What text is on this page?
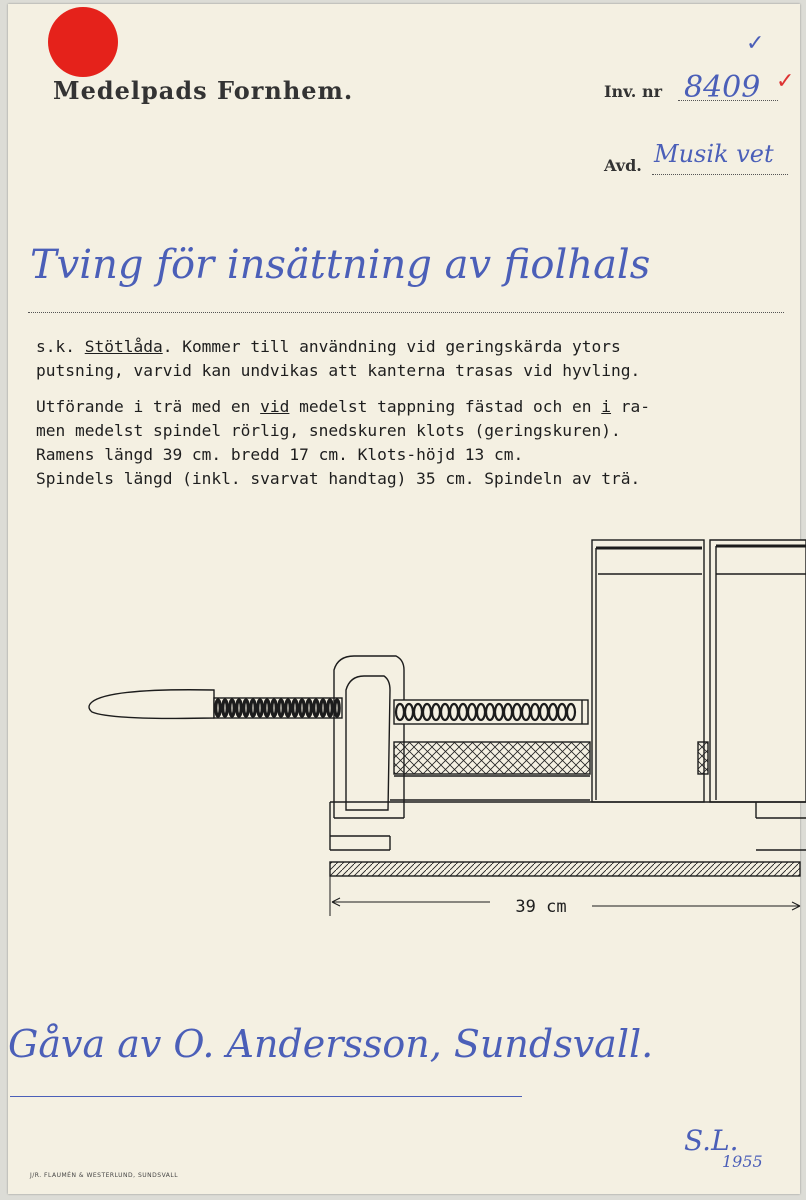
Medelpads Fornhem.	Inv. nr 8409
✓
✓
Avd. Musik vet
Tving för insättning av fiolhals
s.k. Stötlåda. Kommer till användning vid geringskärda ytors
putsning, varvid kan undvikas att kanterna trasas vid hyvling.
Utförande i trä med en vid medelst tappning fästad och en i ra-
men medelst spindel rörlig, snedskuren klots (geringskuren).
Ramens längd 39 cm. bredd 17 cm. Klots-höjd 13 cm.
Spindels längd (inkl. svarvat handtag) 35 cm. Spindeln av trä.
39 cm
Gåva av O. Andersson, Sundsvall.
J/R. FLAUMÉN & WESTERLUND, SUNDSVALL
S.L.
1955
